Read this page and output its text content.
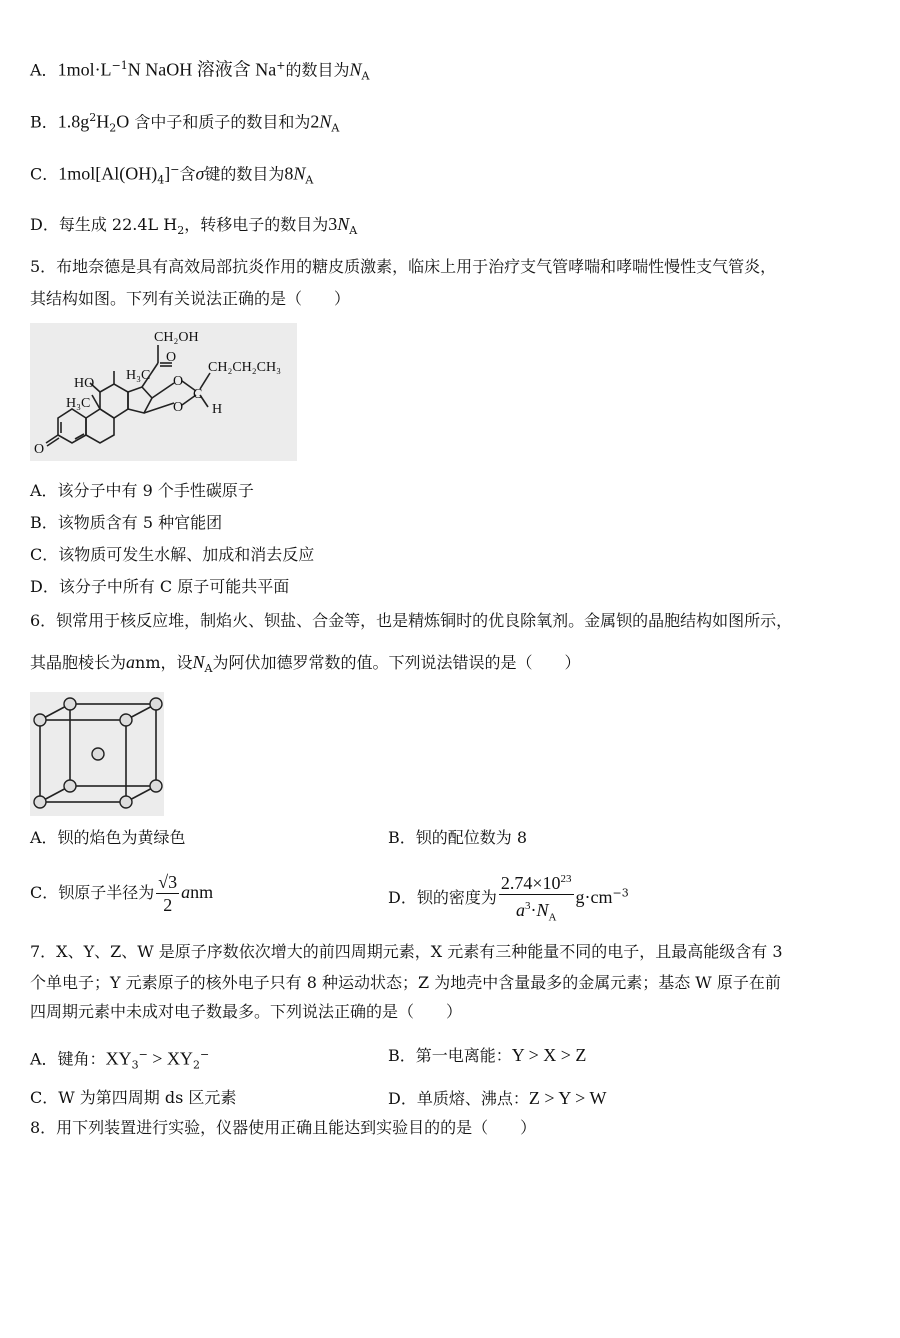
A．$1mol\cdot L^{-1}N$ NaOH 溶液含 Na+的数目为$N_A$
B．$1.8g^2H_2O$ 含中子和质子的数目和为$2N_A$
C．$1mol[Al(OH)_4]^-$含σ键的数目为$8N_A$
D．每生成 22.4L $H_2$，转移电子的数目为$3N_A$
5．布地奈德是具有高效局部抗炎作用的糖皮质激素，临床上用于治疗支气管哮喘和哮喘性慢性支气管炎，
其结构如图。下列有关说法正确的是（　　）
CH₂OH
O
HO
H₃C
H₃C
CH₂CH₂CH₃
H
O
O
C
O
A．该分子中有 9 个手性碳原子
B．该物质含有 5 种官能团
C．该物质可发生水解、加成和消去反应
D．该分子中所有 C 原子可能共平面
6．钡常用于核反应堆，制焰火、钡盐、合金等，也是精炼铜时的优良除氧剂。金属钡的晶胞结构如图所示，
其晶胞棱长为anm，设$N_A$为阿伏加德罗常数的值。下列说法错误的是（　　）
A．钡的焰色为黄绿色	B．钡的配位数为 8
C．钡原子半径为 $\frac{√3}{2}$ anm	D．钡的密度为 $\frac{2.74\times 10^{23}}{a^3\cdot N_A} g\cdot cm^{-3}$
7．X、Y、Z、W 是原子序数依次增大的前四周期元素，X 元素有三种能量不同的电子，且最高能级含有 3
个单电子；Y 元素原子的核外电子只有 8 种运动状态；Z 为地壳中含量最多的金属元素；基态 W 原子在前
四周期元素中未成对电子数最多。下列说法正确的是（　　）
A．键角：$XY_3^- > XY_2^-$	B．第一电离能：Y > X > Z
C．W 为第四周期 ds 区元素	D．单质熔、沸点：Z > Y > W
8．用下列装置进行实验，仪器使用正确且能达到实验目的的是（　　）
